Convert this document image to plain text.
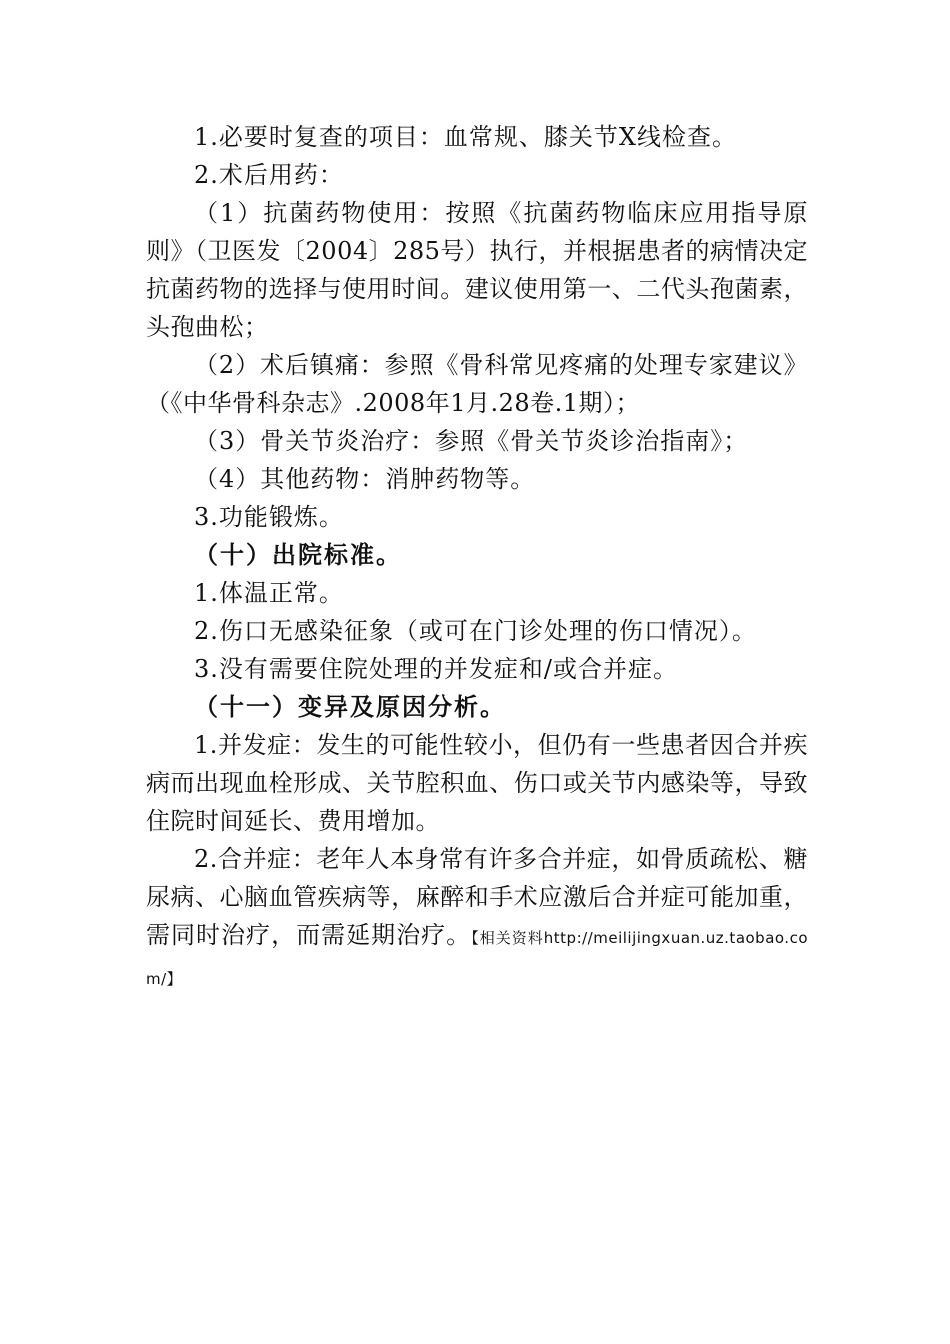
1.必要时复查的项目：血常规、膝关节X线检查。

2.术后用药：

（1）抗菌药物使用：按照《抗菌药物临床应用指导原则》（卫医发〔2004〕285号）执行，并根据患者的病情决定抗菌药物的选择与使用时间。建议使用第一、二代头孢菌素，头孢曲松；

（2）术后镇痛：参照《骨科常见疼痛的处理专家建议》（《中华骨科杂志》.2008年1月.28卷.1期）；

（3）骨关节炎治疗：参照《骨关节炎诊治指南》；

（4）其他药物：消肿药物等。

3.功能锻炼。

（十）出院标准。

1.体温正常。

2.伤口无感染征象（或可在门诊处理的伤口情况）。

3.没有需要住院处理的并发症和/或合并症。

（十一）变异及原因分析。

1.并发症：发生的可能性较小，但仍有一些患者因合并疾病而出现血栓形成、关节腔积血、伤口或关节内感染等，导致住院时间延长、费用增加。

2.合并症：老年人本身常有许多合并症，如骨质疏松、糖尿病、心脑血管疾病等，麻醉和手术应激后合并症可能加重，需同时治疗，而需延期治疗。【相关资料http://meilijingxuan.uz.taobao.com/】
